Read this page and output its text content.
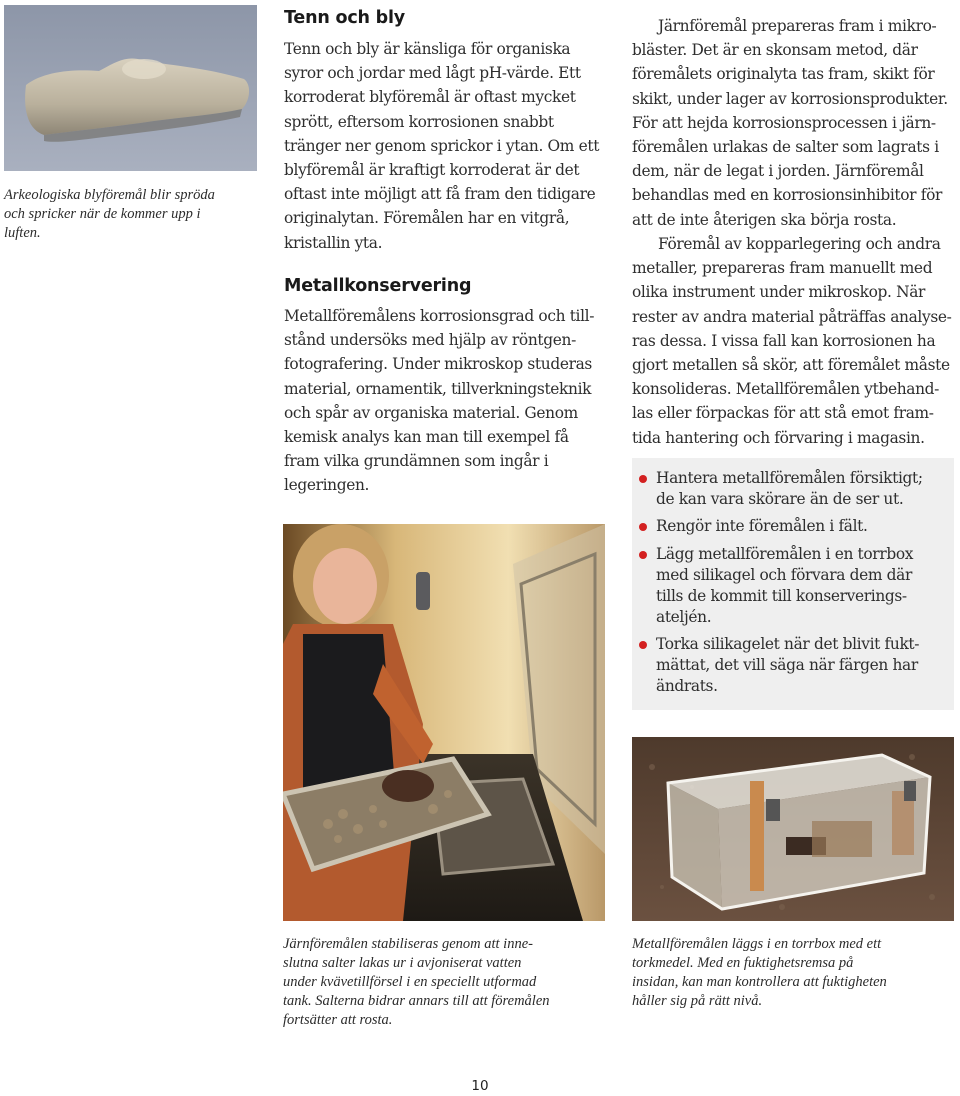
Arkeologiska blyföremål blir spröda
och spricker när de kommer upp i
luften.

Tenn och bly

Tenn och bly är känsliga för organiska
syror och jordar med lågt pH-värde. Ett
korroderat blyföremål är oftast mycket
sprött, eftersom korrosionen snabbt
tränger ner genom sprickor i ytan. Om ett
blyföremål är kraftigt korroderat är det
oftast inte möjligt att få fram den tidigare
originalytan. Föremålen har en vitgrå,
kristallin yta.

Metallkonservering

Metallföremålens korrosionsgrad och till-
stånd undersöks med hjälp av röntgen-
fotografering. Under mikroskop studeras
material, ornamentik, tillverkningsteknik
och spår av organiska material. Genom
kemisk analys kan man till exempel få
fram vilka grundämnen som ingår i
legeringen.

Järnföremålen stabiliseras genom att inne-
slutna salter lakas ur i avjoniserat vatten
under kvävetillförsel i en speciellt utformad
tank. Salterna bidrar annars till att föremålen
fortsätter att rosta.

Järnföremål prepareras fram i mikro-
bläster. Det är en skonsam metod, där
föremålets originalyta tas fram, skikt för
skikt, under lager av korrosionsprodukter.
För att hejda korrosionsprocessen i järn-
föremålen urlakas de salter som lagrats i
dem, när de legat i jorden. Järnföremål
behandlas med en korrosionsinhibitor för
att de inte återigen ska börja rosta.

Föremål av kopparlegering och andra
metaller, prepareras fram manuellt med
olika instrument under mikroskop. När
rester av andra material påträffas analyse-
ras dessa. I vissa fall kan korrosionen ha
gjort metallen så skör, att föremålet måste
konsolideras. Metallföremålen ytbehand-
las eller förpackas för att stå emot fram-
tida hantering och förvaring i magasin.

Hantera metallföremålen försiktigt;
de kan vara skörare än de ser ut.

Rengör inte föremålen i fält.

Lägg metallföremålen i en torrbox
med silikagel och förvara dem där
tills de kommit till konserverings-
ateljén.

Torka silikagelet när det blivit fukt-
mättat, det vill säga när färgen har
ändrats.

Metallföremålen läggs i en torrbox med ett
torkmedel. Med en fuktighetsremsa på
insidan, kan man kontrollera att fuktigheten
håller sig på rätt nivå.

10
